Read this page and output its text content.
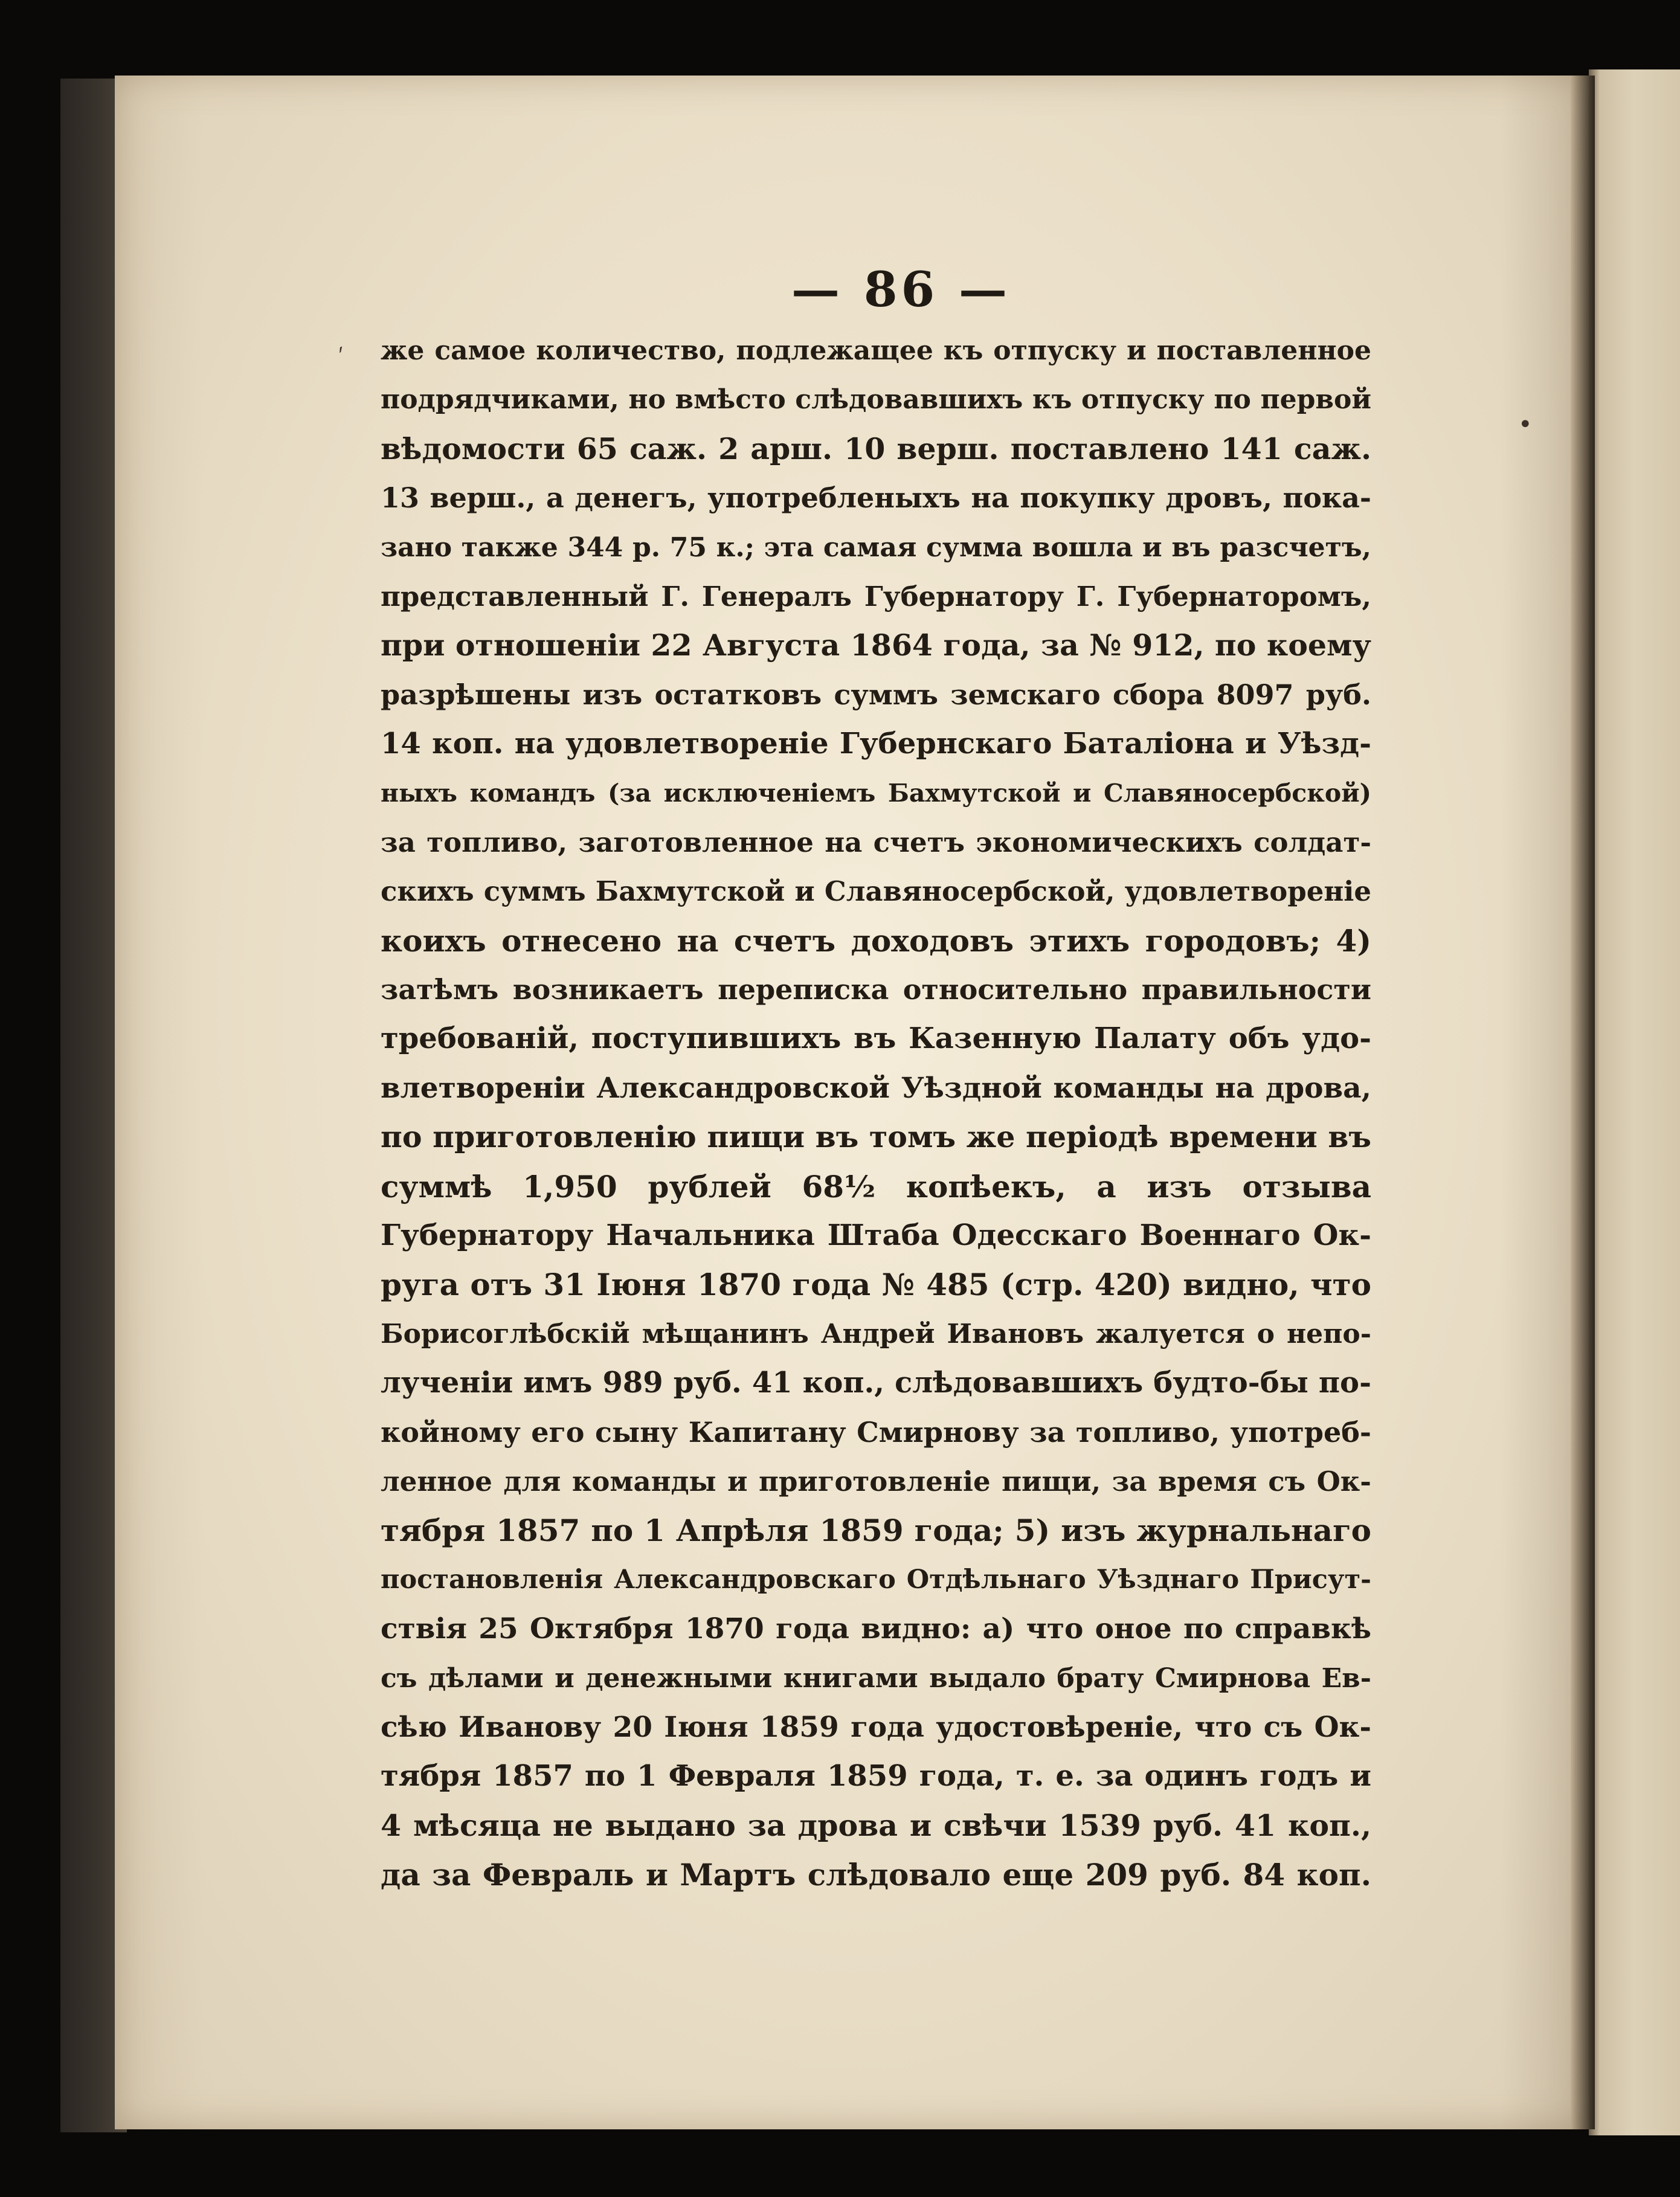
ˊ
•
— 86 —
же самое количество, подлежащее къ отпуску и поставленное
подрядчиками, но вмѣсто слѣдовавшихъ къ отпуску по первой
вѣдомости 65 саж. 2 арш. 10 верш. поставлено 141 саж.
13 верш., а денегъ, употребленыхъ на покупку дровъ, пока-
зано также 344 р. 75 к.; эта самая сумма вошла и въ разсчетъ,
представленный Г. Генералъ Губернатору Г. Губернаторомъ,
при отношеніи 22 Августа 1864 года, за № 912, по коему
разрѣшены изъ остатковъ суммъ земскаго сбора 8097 руб.
14 коп. на удовлетвореніе Губернскаго Баталіона и Уѣзд-
ныхъ командъ (за исключеніемъ Бахмутской и Славяносербской)
за топливо, заготовленное на счетъ экономическихъ солдат-
скихъ суммъ Бахмутской и Славяносербской, удовлетвореніе
коихъ отнесено на счетъ доходовъ этихъ городовъ; 4)
затѣмъ возникаетъ переписка относительно правильности
требованій, поступившихъ въ Казенную Палату объ удо-
влетвореніи Александровской Уѣздной команды на дрова,
по приготовленію пищи въ томъ же періодѣ времени въ
суммѣ 1,950 рублей 68½ копѣекъ, а изъ отзыва
Губернатору Начальника Штаба Одесскаго Военнаго Ок-
руга отъ 31 Іюня 1870 года № 485 (стр. 420) видно, что
Борисоглѣбскій мѣщанинъ Андрей Ивановъ жалуется о непо-
лученіи имъ 989 руб. 41 коп., слѣдовавшихъ будто-бы по-
койному его сыну Капитану Смирнову за топливо, употреб-
ленное для команды и приготовленіе пищи, за время съ Ок-
тября 1857 по 1 Апрѣля 1859 года; 5) изъ журнальнаго
постановленія Александровскаго Отдѣльнаго Уѣзднаго Присут-
ствія 25 Октября 1870 года видно: а) что оное по справкѣ
съ дѣлами и денежными книгами выдало брату Смирнова Ев-
сѣю Иванову 20 Іюня 1859 года удостовѣреніе, что съ Ок-
тября 1857 по 1 Февраля 1859 года, т. е. за одинъ годъ и
4 мѣсяца не выдано за дрова и свѣчи 1539 руб. 41 коп.,
да за Февраль и Мартъ слѣдовало еще 209 руб. 84 коп.
